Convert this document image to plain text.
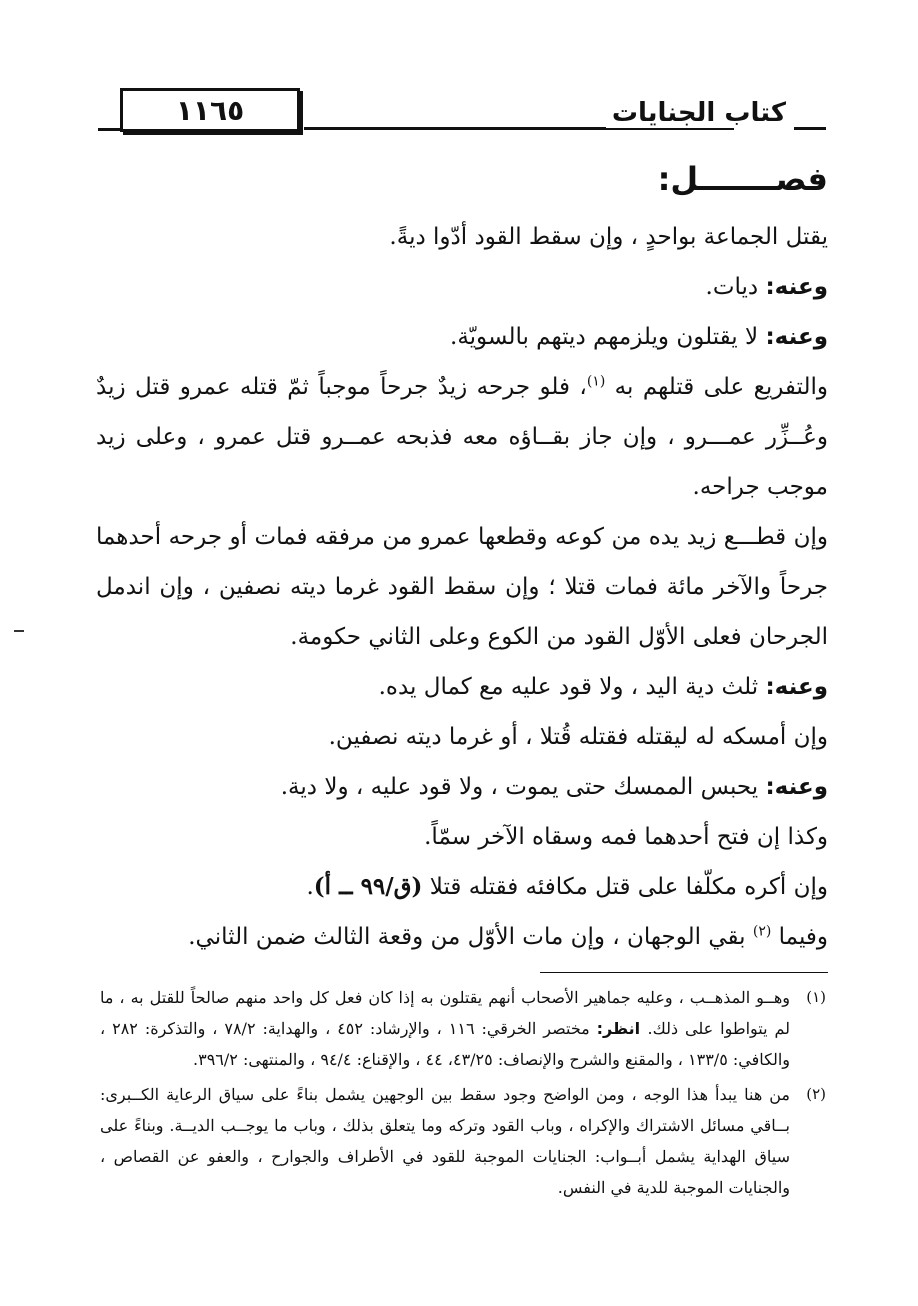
١١٦٥	كتاب الجنايات
فصـــــــل:

يقتل الجماعة بواحدٍ ، وإن سقط القود أدّوا ديةً.

وعنه: ديات.

وعنه: لا يقتلون ويلزمهم ديتهم بالسويّة.

والتفريع على قتلهم به $^{(١)}$، فلو جرحه زيدٌ جرحاً موجباً ثمّ قتله عمرو قتل زيدٌ وعُــزِّر عمـــرو ، وإن جاز بقــاؤه معه فذبحه عمــرو قتل عمرو ، وعلى زيد موجب جراحه.

وإن قطـــع زيد يده من كوعه وقطعها عمرو من مرفقه فمات أو جرحه أحدهما جرحاً والآخر مائة فمات قتلا ؛ وإن سقط القود غرما ديته نصفين ، وإن اندمل الجرحان فعلى الأوّل القود من الكوع وعلى الثاني حكومة.

وعنه: ثلث دية اليد ، ولا قود عليه مع كمال يده.

وإن أمسكه له ليقتله فقتله قُتلا ، أو غرما ديته نصفين.

وعنه: يحبس الممسك حتى يموت ، ولا قود عليه ، ولا دية.

وكذا إن فتح أحدهما فمه وسقاه الآخر سمّاً.

وإن أكره مكلّفا على قتل مكافئه فقتله قتلا (ق/٩٩ ــ أ).

وفيما $^{(٢)}$ بقي الوجهان ، وإن مات الأوّل من وقعة الثالث ضمن الثاني.

(١)
وهــو المذهــب ، وعليه جماهير الأصحاب أنهم يقتلون به إذا كان فعل كل واحد منهم صالحاً للقتل به ، ما لم يتواطوا على ذلك. انظر: مختصر الخرقي: ١١٦ ، والإرشاد: ٤٥٢ ، والهداية: ٧٨/٢ ، والتذكرة: ٢٨٢ ، والكافي: ١٣٣/٥ ، والمقنع والشرح والإنصاف: ٤٣/٢٥، ٤٤ ، والإقناع: ٩٤/٤ ، والمنتهى: ٣٩٦/٢.
(٢)
من هنا يبدأ هذا الوجه ، ومن الواضح وجود سقط بين الوجهين يشمل بناءً على سياق الرعاية الكــبرى: بــاقي مسائل الاشتراك والإكراه ، وباب القود وتركه وما يتعلق بذلك ، وباب ما يوجــب الديــة. وبناءً على سياق الهداية يشمل أبــواب: الجنايات الموجبة للقود في الأطراف والجوارح ، والعفو عن القصاص ، والجنايات الموجبة للدية في النفس.
